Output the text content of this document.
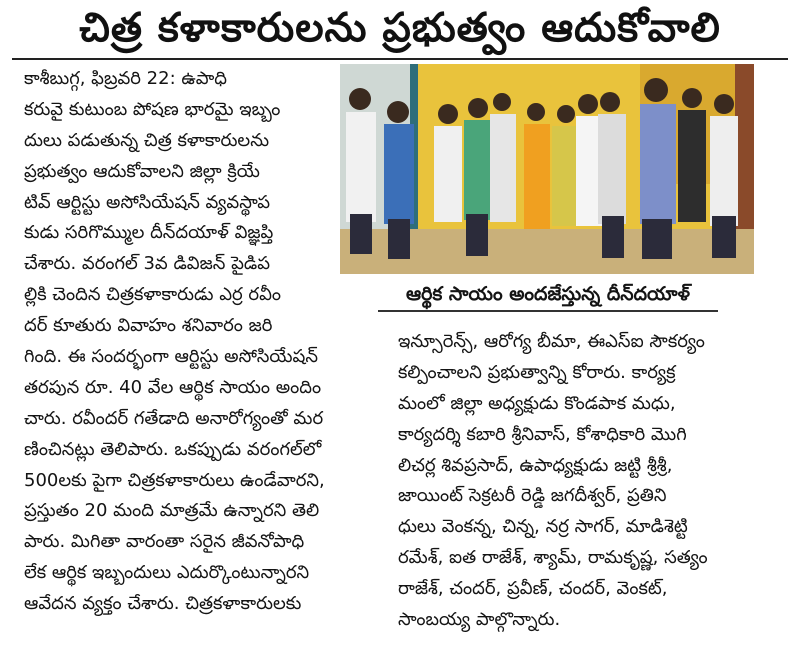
చిత్ర కళాకారులను ప్రభుత్వం ఆదుకోవాలి
కాశీబుగ్గ, ఫిబ్రవరి 22: ఉపాధి
కరువై కుటుంబ పోషణ భారమై ఇబ్బం
దులు పడుతున్న చిత్ర కళాకారులను
ప్రభుత్వం ఆదుకోవాలని జిల్లా క్రియే
టివ్ ఆర్టిస్టు అసోసియేషన్ వ్యవస్థాప
కుడు సరిగొమ్ముల దీన్‌దయాళ్ విజ్ఞప్తి
చేశారు. వరంగల్ 3వ డివిజన్ పైడిప
ల్లికి చెందిన చిత్రకళాకారుడు ఎర్ర రవీం
దర్ కూతురు వివాహం శనివారం జరి
గింది. ఈ సందర్భంగా ఆర్టిస్టు అసోసియేషన్
తరపున రూ. 40 వేల ఆర్థిక సాయం అందిం
చారు. రవీందర్ గతేడాది అనారోగ్యంతో మర
ణించినట్లు తెలిపారు. ఒకప్పుడు వరంగల్‌లో
500లకు పైగా చిత్రకళాకారులు ఉండేవారని,
ప్రస్తుతం 20 మంది మాత్రమే ఉన్నారని తెలి
పారు. మిగితా వారంతా సరైన జీవనోపాధి
లేక ఆర్థిక ఇబ్బందులు ఎదుర్కొంటున్నారని
ఆవేదన వ్యక్తం చేశారు. చిత్రకళాకారులకు
ఆర్థిక సాయం అందజేస్తున్న దీన్‌దయాళ్
ఇన్సూరెన్స్, ఆరోగ్య బీమా, ఈఎస్ఐ సౌకర్యం
కల్పించాలని ప్రభుత్వాన్ని కోరారు. కార్యక్ర
మంలో జిల్లా అధ్యక్షుడు కొండపాక మధు,
కార్యదర్శి కబారి శ్రీనివాస్, కోశాధికారి మొగి
లిచర్ల శివప్రసాద్, ఉపాధ్యక్షుడు జట్టి శ్రీశ్రీ,
జాయింట్ సెక్రటరీ రెడ్డి జగదీశ్వర్, ప్రతిని
ధులు వెంకన్న, చిన్న, నర్ర సాగర్, మాడిశెట్టి
రమేశ్, ఐత రాజేశ్, శ్యామ్, రామకృష్ణ, సత్యం
రాజేశ్, చందర్, ప్రవీణ్, చందర్, వెంకట్,
సాంబయ్య పాల్గొన్నారు.
